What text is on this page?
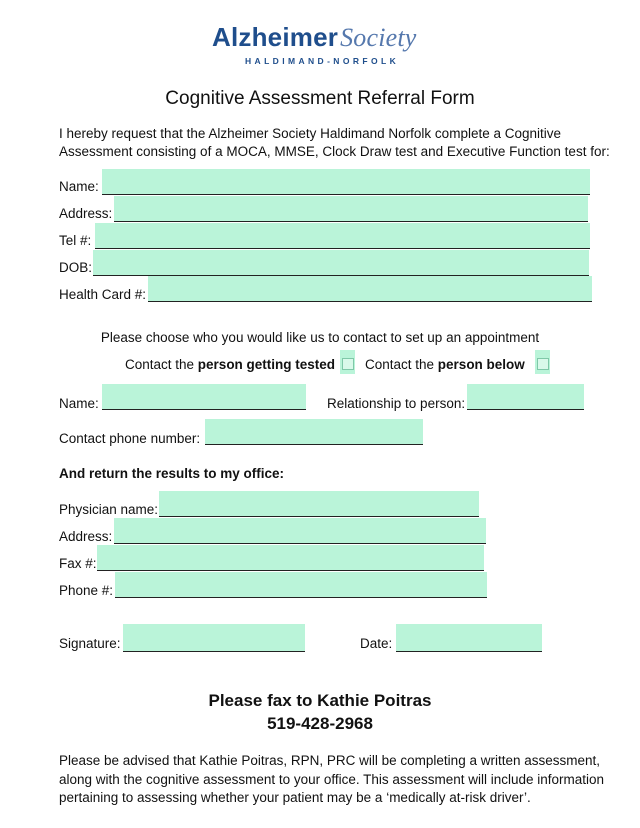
AlzheimerSociety
HALDIMAND-NORFOLK
Cognitive Assessment Referral Form
I hereby request that the Alzheimer Society Haldimand Norfolk complete a Cognitive Assessment consisting of a MOCA, MMSE, Clock Draw test and Executive Function test for:
Name:
Address:
Tel #:
DOB:
Health Card #:
Please choose who you would like us to contact to set up an appointment
Contact the person getting tested Contact the person below
Name:	Relationship to person:
Contact phone number:
And return the results to my office:
Physician name:
Address:
Fax #:
Phone #:
Signature:	Date:
Please fax to Kathie Poitras
519-428-2968
Please be advised that Kathie Poitras, RPN, PRC will be completing a written assessment, along with the cognitive assessment to your office. This assessment will include information pertaining to assessing whether your patient may be a ‘medically at-risk driver’.
